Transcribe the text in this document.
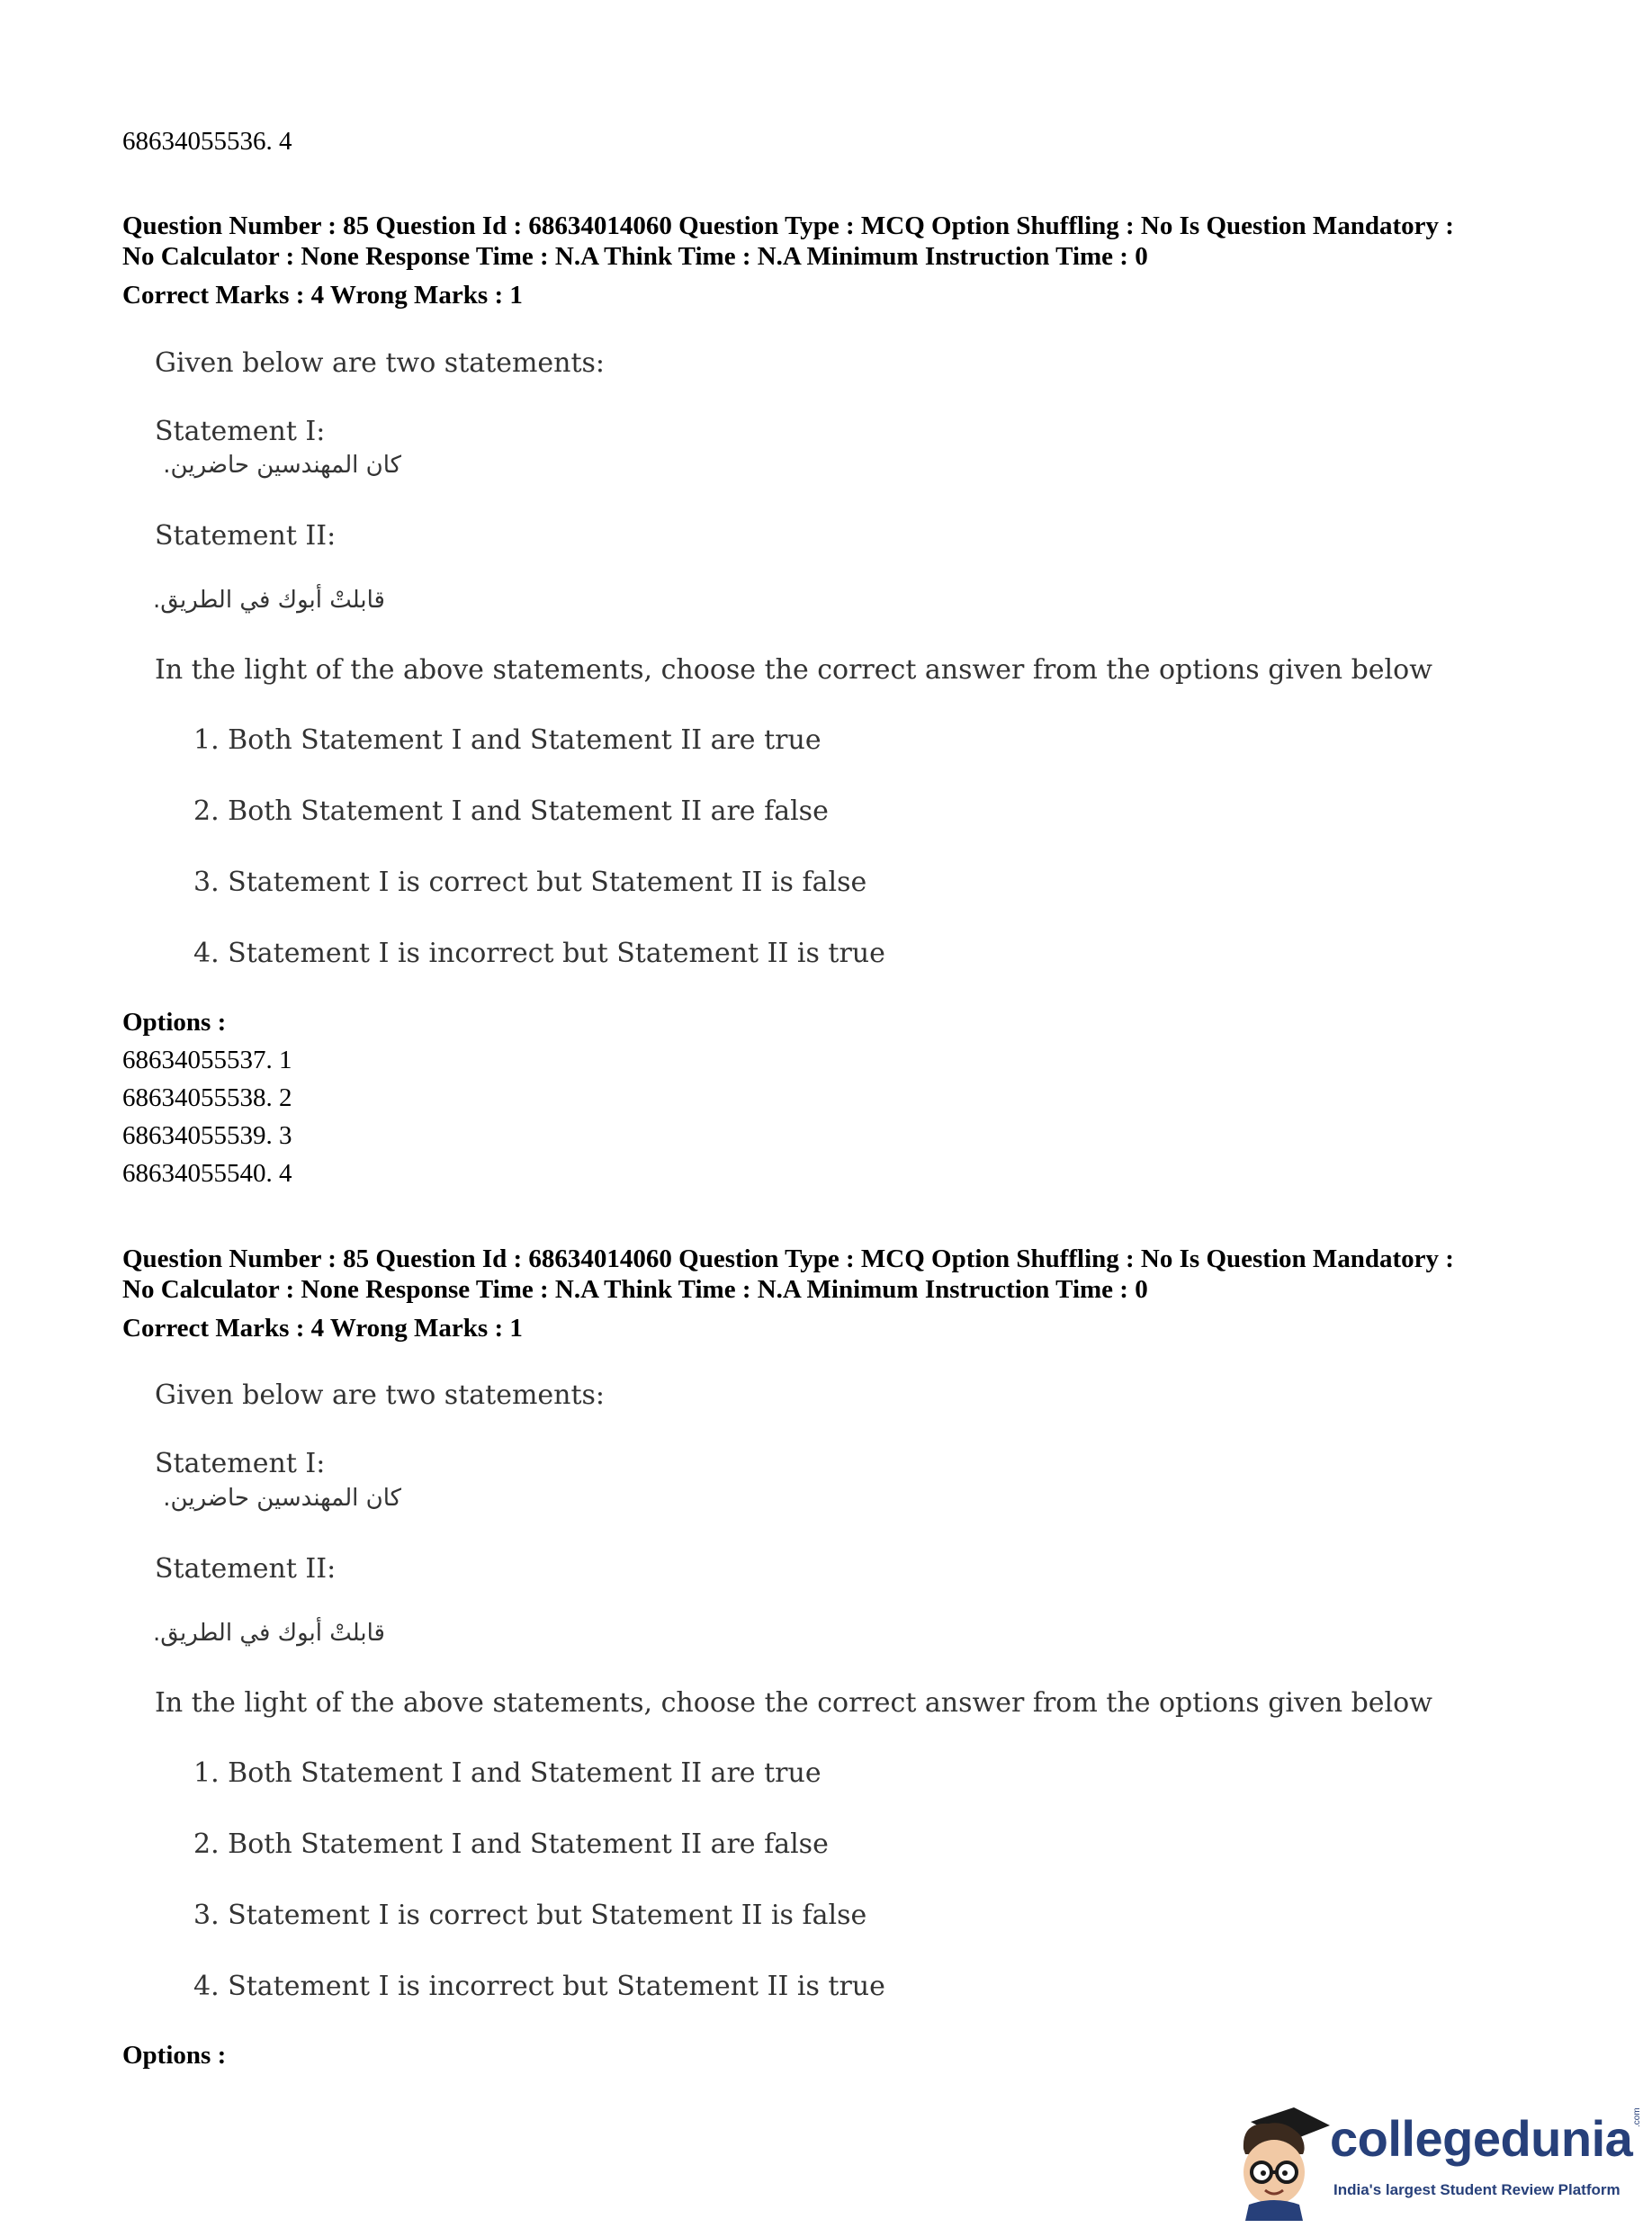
68634055536. 4
Question Number : 85 Question Id : 68634014060 Question Type : MCQ Option Shuffling : No Is Question Mandatory :
No Calculator : None Response Time : N.A Think Time : N.A Minimum Instruction Time : 0
Correct Marks : 4 Wrong Marks : 1
Given below are two statements:
Statement I:
كان المهندسين حاضرين.
Statement II:
قابلتْ أبوك في الطريق.
In the light of the above statements, choose the correct answer from the options given below
1. Both Statement I and Statement II are true
2. Both Statement I and Statement II are false
3. Statement I is correct but Statement II is false
4. Statement I is incorrect but Statement II is true
Options :
68634055537. 1
68634055538. 2
68634055539. 3
68634055540. 4
Question Number : 85 Question Id : 68634014060 Question Type : MCQ Option Shuffling : No Is Question Mandatory :
No Calculator : None Response Time : N.A Think Time : N.A Minimum Instruction Time : 0
Correct Marks : 4 Wrong Marks : 1
Given below are two statements:
Statement I:
كان المهندسين حاضرين.
Statement II:
قابلتْ أبوك في الطريق.
In the light of the above statements, choose the correct answer from the options given below
1. Both Statement I and Statement II are true
2. Both Statement I and Statement II are false
3. Statement I is correct but Statement II is false
4. Statement I is incorrect but Statement II is true
Options :
collegedunia .com
India's largest Student Review Platform
